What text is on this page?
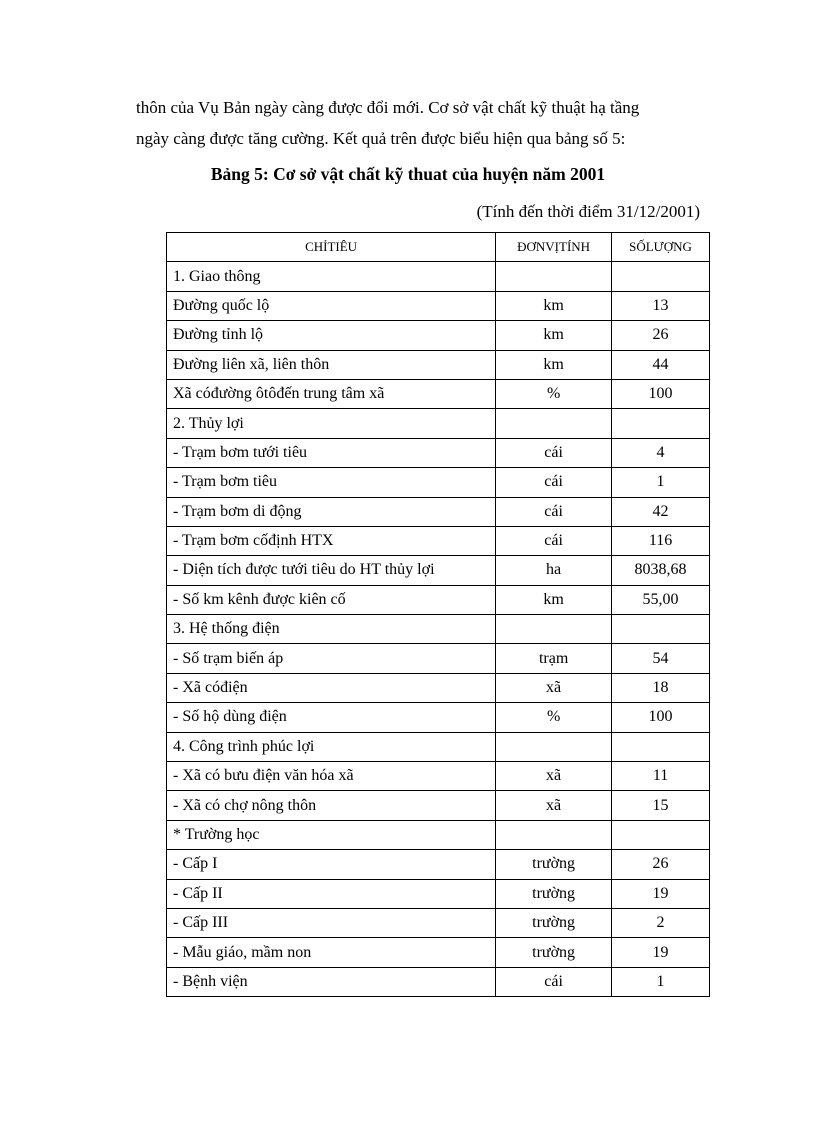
thôn của Vụ Bản ngày càng được đổi mới. Cơ sở vật chất kỹ thuật hạ tầng

ngày càng được tăng cường. Kết quả trên được biểu hiện qua bảng số 5:

Bảng 5: Cơ sở vật chất kỹ thuat của huyện năm 2001
(Tính đến thời điểm 31/12/2001)
CHỈTIÊU	ĐƠNVỊTÍNH	SỐLƯỢNG
1. Giao thông		
Đường quốc lộ	km	13
Đường tỉnh lộ	km	26
Đường liên xã, liên thôn	km	44
Xã cóđường ôtôđến trung tâm xã	%	100
2. Thủy lợi		
- Trạm bơm tưới tiêu	cái	4
- Trạm bơm tiêu	cái	1
- Trạm bơm di động	cái	42
- Trạm bơm cốđịnh HTX	cái	116
- Diện tích được tưới tiêu do HT thủy lợi	ha	8038,68
- Số km kênh được kiên cố	km	55,00
3. Hệ thống điện		
- Số trạm biến áp	trạm	54
- Xã cóđiện	xã	18
- Số hộ dùng điện	%	100
4. Công trình phúc lợi		
- Xã có bưu điện văn hóa xã	xã	11
- Xã có chợ nông thôn	xã	15
* Trường học		
- Cấp I	trường	26
- Cấp II	trường	19
- Cấp III	trường	2
- Mẫu giáo, mầm non	trường	19
- Bệnh viện	cái	1
